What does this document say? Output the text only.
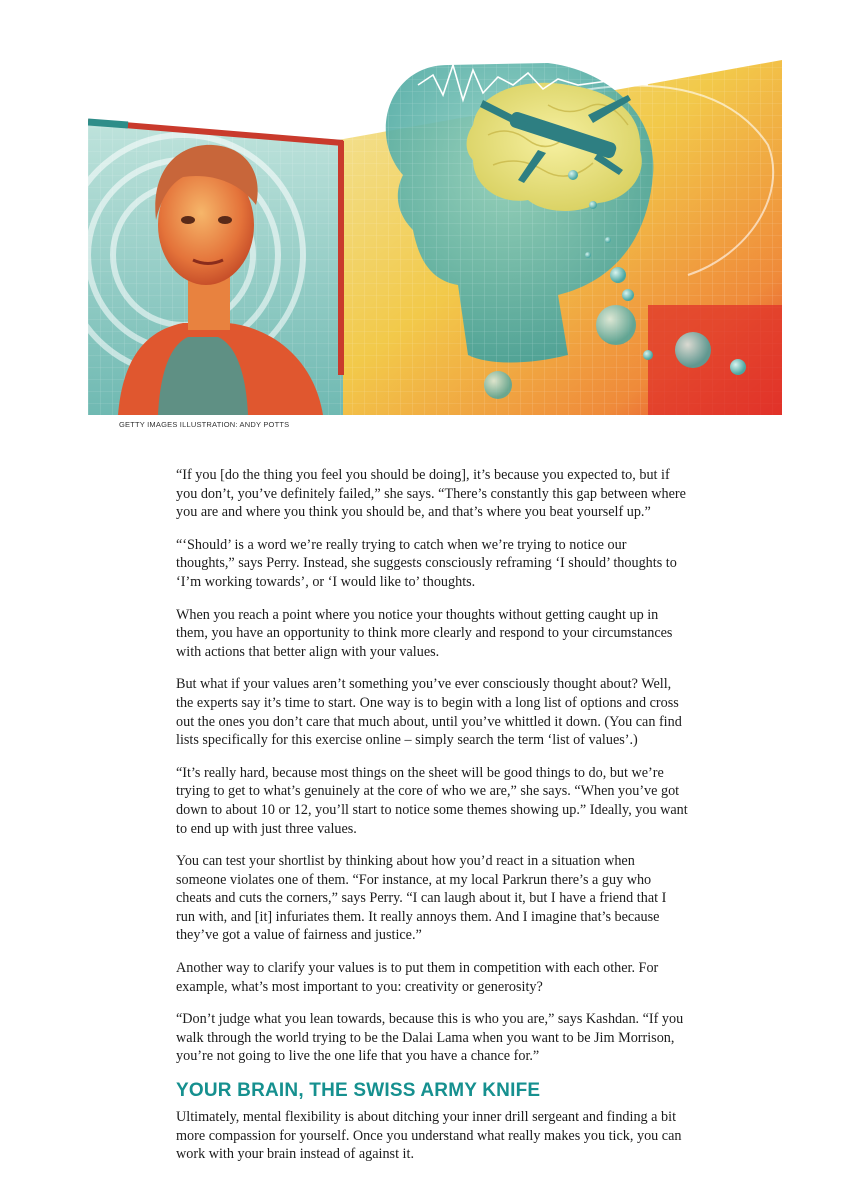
GETTY IMAGES ILLUSTRATION: ANDY POTTS

“If you [do the thing you feel you should be doing], it’s because you expected to, but if you don’t, you’ve definitely failed,” she says. “There’s constantly this gap between where you are and where you think you should be, and that’s where you beat yourself up.”

“‘Should’ is a word we’re really trying to catch when we’re trying to notice our thoughts,” says Perry. Instead, she suggests consciously reframing ‘I should’ thoughts to ‘I’m working towards’, or ‘I would like to’ thoughts.

When you reach a point where you notice your thoughts without getting caught up in them, you have an opportunity to think more clearly and respond to your circumstances with actions that better align with your values.

But what if your values aren’t something you’ve ever consciously thought about? Well, the experts say it’s time to start. One way is to begin with a long list of options and cross out the ones you don’t care that much about, until you’ve whittled it down. (You can find lists specifically for this exercise online – simply search the term ‘list of values’.)

“It’s really hard, because most things on the sheet will be good things to do, but we’re trying to get to what’s genuinely at the core of who we are,” she says. “When you’ve got down to about 10 or 12, you’ll start to notice some themes showing up.” Ideally, you want to end up with just three values.

You can test your shortlist by thinking about how you’d react in a situation when someone violates one of them. “For instance, at my local Parkrun there’s a guy who cheats and cuts the corners,” says Perry. “I can laugh about it, but I have a friend that I run with, and [it] infuriates them. It really annoys them. And I imagine that’s because they’ve got a value of fairness and justice.”

Another way to clarify your values is to put them in competition with each other. For example, what’s most important to you: creativity or generosity?

“Don’t judge what you lean towards, because this is who you are,” says Kashdan. “If you walk through the world trying to be the Dalai Lama when you want to be Jim Morrison, you’re not going to live the one life that you have a chance for.”

YOUR BRAIN, THE SWISS ARMY KNIFE

Ultimately, mental flexibility is about ditching your inner drill sergeant and finding a bit more compassion for yourself. Once you understand what really makes you tick, you can work with your brain instead of against it.
